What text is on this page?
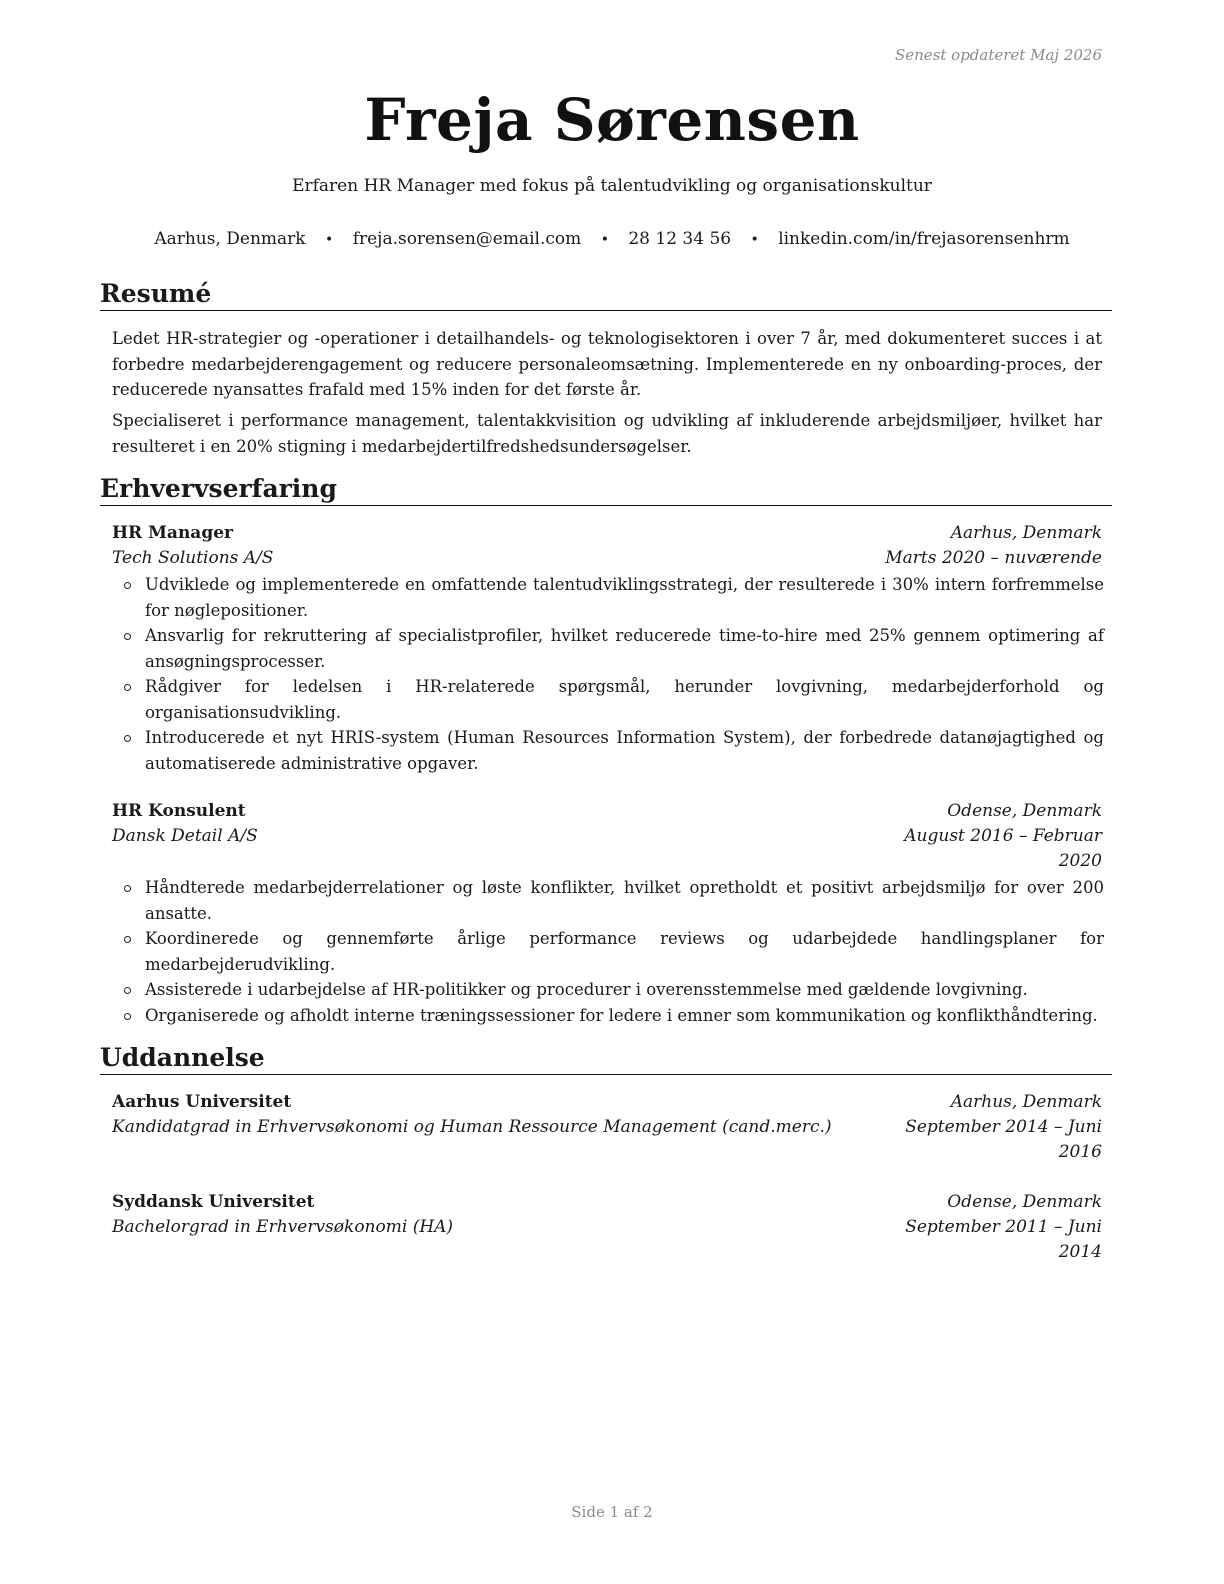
Senest opdateret Maj 2026
Freja Sørensen
Erfaren HR Manager med fokus på talentudvikling og organisationskultur
Aarhus, Denmark • freja.sorensen@email.com • 28 12 34 56 • linkedin.com/in/frejasorensenhrm
Resumé
Ledet HR-strategier og -operationer i detailhandels- og teknologisektoren i over 7 år, med dokumenteret succes i at forbedre medarbejderengagement og reducere personaleomsætning. Implementerede en ny onboarding-proces, der reducerede nyansattes frafald med 15% inden for det første år.
Specialiseret i performance management, talentakkvisition og udvikling af inkluderende arbejdsmiljøer, hvilket har resulteret i en 20% stigning i medarbejdertilfredshedsundersøgelser.
Erhvervserfaring
HR Manager	Aarhus, Denmark
Tech Solutions A/S	Marts 2020 – nuværende
Udviklede og implementerede en omfattende talentudviklingsstrategi, der resulterede i 30% intern forfremmelse for nøglepositioner.
Ansvarlig for rekruttering af specialistprofiler, hvilket reducerede time-to-hire med 25% gennem optimering af ansøgningsprocesser.
Rådgiver for ledelsen i HR-relaterede spørgsmål, herunder lovgivning, medarbejderforhold og organisationsudvikling.
Introducerede et nyt HRIS-system (Human Resources Information System), der forbedrede datanøjagtighed og automatiserede administrative opgaver.
HR Konsulent	Odense, Denmark
Dansk Detail A/S	August 2016 – Februar 2020
Håndterede medarbejderrelationer og løste konflikter, hvilket opretholdt et positivt arbejdsmiljø for over 200 ansatte.
Koordinerede og gennemførte årlige performance reviews og udarbejdede handlingsplaner for medarbejderudvikling.
Assisterede i udarbejdelse af HR-politikker og procedurer i overensstemmelse med gældende lovgivning.
Organiserede og afholdt interne træningssessioner for ledere i emner som kommunikation og konflikthåndtering.
Uddannelse
Aarhus Universitet	Aarhus, Denmark
Kandidatgrad in Erhvervsøkonomi og Human Ressource Management (cand.merc.)	September 2014 – Juni 2016
Syddansk Universitet	Odense, Denmark
Bachelorgrad in Erhvervsøkonomi (HA)	September 2011 – Juni 2014
Side 1 af 2
